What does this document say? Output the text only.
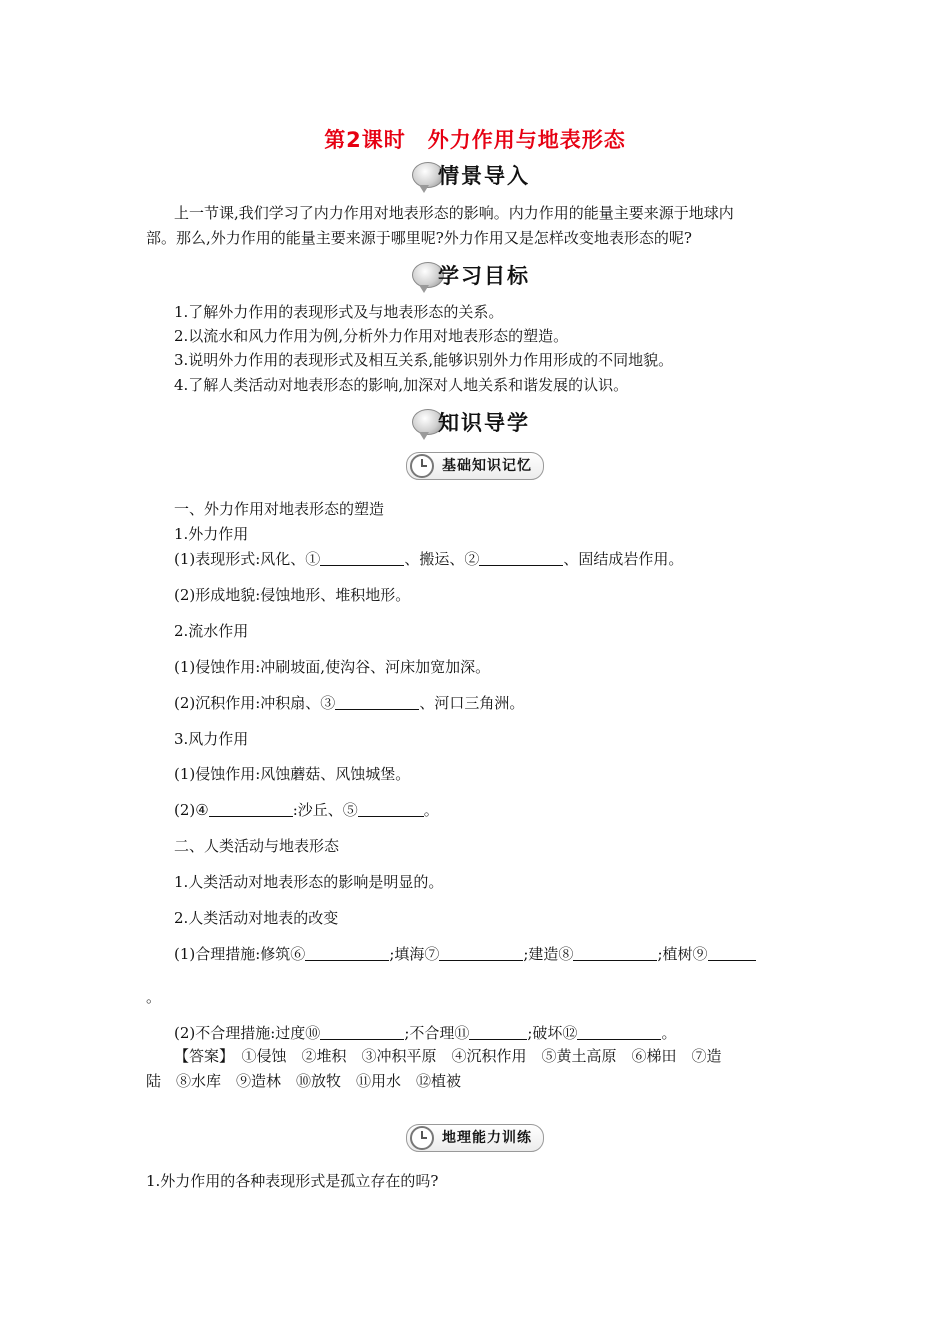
第2课时　外力作用与地表形态
情景导入
上一节课,我们学习了内力作用对地表形态的影响。内力作用的能量主要来源于地球内
部。那么,外力作用的能量主要来源于哪里呢?外力作用又是怎样改变地表形态的呢?
学习目标
1.了解外力作用的表现形式及与地表形态的关系。
2.以流水和风力作用为例,分析外力作用对地表形态的塑造。
3.说明外力作用的表现形式及相互关系,能够识别外力作用形成的不同地貌。
4.了解人类活动对地表形态的影响,加深对人地关系和谐发展的认识。
知识导学
基础知识记忆
一、外力作用对地表形态的塑造
1.外力作用
(1)表现形式:风化、①	、搬运、②	、固结成岩作用。
(2)形成地貌:侵蚀地形、堆积地形。
2.流水作用
(1)侵蚀作用:冲刷坡面,使沟谷、河床加宽加深。
(2)沉积作用:冲积扇、③	、河口三角洲。
3.风力作用
(1)侵蚀作用:风蚀蘑菇、风蚀城堡。
(2)④	:沙丘、⑤	。
二、人类活动与地表形态
1.人类活动对地表形态的影响是明显的。
2.人类活动对地表的改变
(1)合理措施:修筑⑥	;填海⑦	;建造⑧	;植树⑨
。
(2)不合理措施:过度⑩	;不合理⑪	;破坏⑫	。
【答案】　①侵蚀　②堆积　③冲积平原　④沉积作用　⑤黄土高原　⑥梯田　⑦造
陆　⑧水库　⑨造林　⑩放牧　⑪用水　⑫植被
地理能力训练
1.外力作用的各种表现形式是孤立存在的吗?
